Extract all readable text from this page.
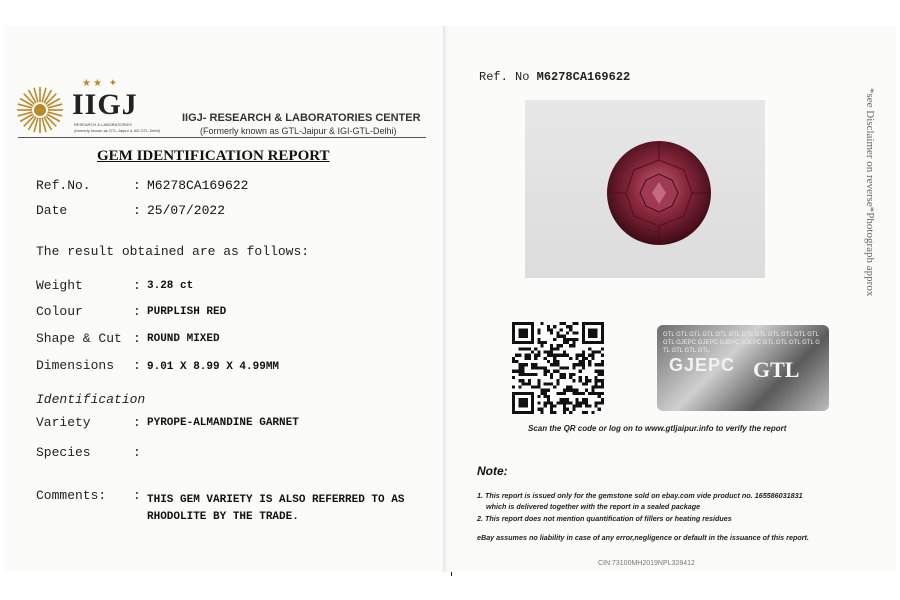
★★ ✦
IIGJ
RESEARCH & LABORATORIES
(formerly known as GTL-Jaipur & IIG-GTL-Delhi)
IIGJ- RESEARCH & LABORATORIES CENTER
(Formerly known as GTL-Jaipur & IGI-GTL-Delhi)
GEM IDENTIFICATION REPORT
Ref.No.	: M6278CA169622
Date	: 25/07/2022
The result obtained are as follows:
Weight	: 3.28 ct
Colour	: PURPLISH RED
Shape & Cut : ROUND MIXED
Dimensions : 9.01 X 8.99 X 4.99MM
Identification
Variety	: PYROPE-ALMANDINE GARNET
Species	:
Comments: : THIS GEM VARIETY IS ALSO REFERRED TO AS RHODOLITE BY THE TRADE.
Ref. No M6278CA169622
GTL GTL GTL GTL GTL GTL GTL GTL GTL GTL GTL GTL GTL GJEPC GJEPC GJEPC GJEPC GTL GTL GTL GTL GTL GTL GTL GTL
GJEPC GTL
Scan the QR code or log on to www.gtljaipur.info to verify the report
Note:
1. This report is issued only for the gemstone sold on ebay.com vide product no. 165586031831
which is delivered together with the report in a sealed package
2. This report does not mention quantification of fillers or heating residues
eBay assumes no liability in case of any error,negligence or default in the issuance of this report.
CIN:73100MH2019NPL328412
*see Disclaimer on reverse*Photograph approx
